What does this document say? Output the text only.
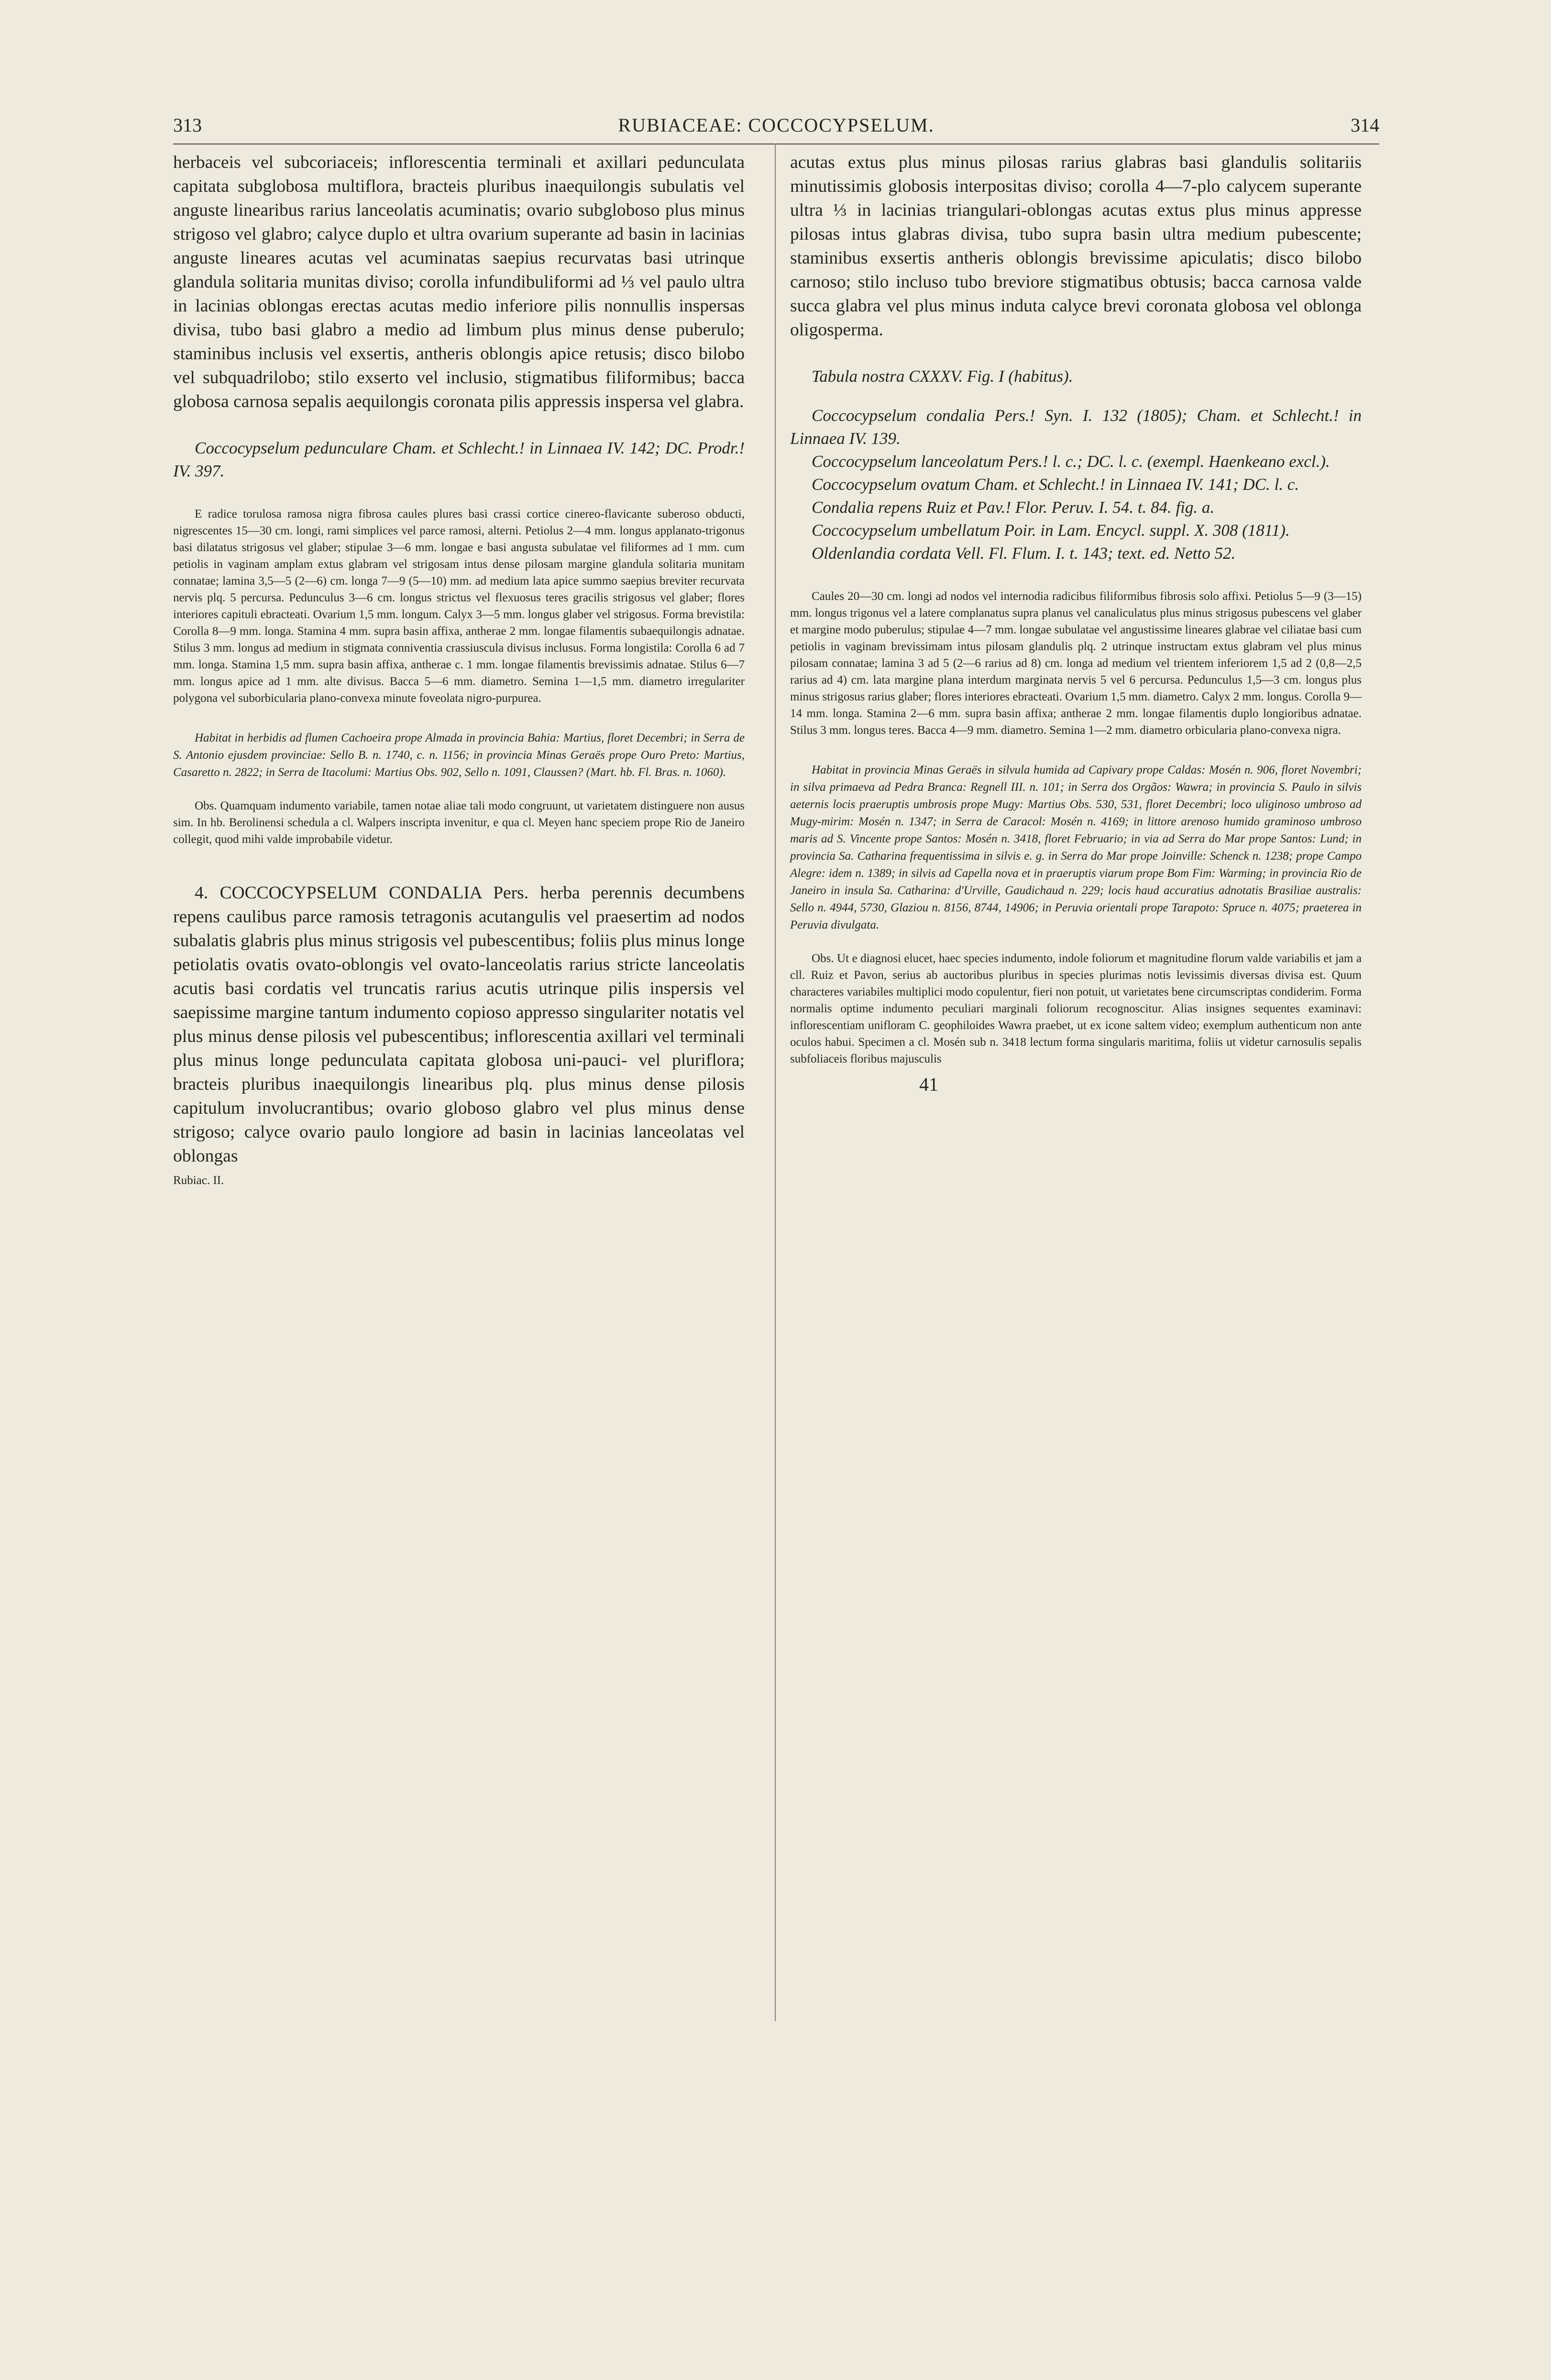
313	RUBIACEAE: COCCOCYPSELUM.	314

herbaceis vel subcoriaceis; inflorescentia terminali et axillari pedunculata capitata subglobosa multiflora, bracteis pluribus inaequilongis subulatis vel anguste linearibus rarius lanceolatis acuminatis; ovario subgloboso plus minus strigoso vel glabro; calyce duplo et ultra ovarium superante ad basin in lacinias anguste lineares acutas vel acuminatas saepius recurvatas basi utrinque glandula solitaria munitas diviso; corolla infundibuliformi ad ⅓ vel paulo ultra in lacinias oblongas erectas acutas medio inferiore pilis nonnullis inspersas divisa, tubo basi glabro a medio ad limbum plus minus dense puberulo; staminibus inclusis vel exsertis, antheris oblongis apice retusis; disco bilobo vel subquadrilobo; stilo exserto vel inclusio, stigmatibus filiformibus; bacca globosa carnosa sepalis aequilongis coronata pilis appressis inspersa vel glabra.

Coccocypselum pedunculare Cham. et Schlecht.! in Linnaea IV. 142; DC. Prodr.! IV. 397.

E radice torulosa ramosa nigra fibrosa caules plures basi crassi cortice cinereo-flavicante suberoso obducti, nigrescentes 15—30 cm. longi, rami simplices vel parce ramosi, alterni. Petiolus 2—4 mm. longus applanato-trigonus basi dilatatus strigosus vel glaber; stipulae 3—6 mm. longae e basi angusta subulatae vel filiformes ad 1 mm. cum petiolis in vaginam amplam extus glabram vel strigosam intus dense pilosam margine glandula solitaria munitam connatae; lamina 3,5—5 (2—6) cm. longa 7—9 (5—10) mm. ad medium lata apice summo saepius breviter recurvata nervis plq. 5 percursa. Pedunculus 3—6 cm. longus strictus vel flexuosus teres gracilis strigosus vel glaber; flores interiores capituli ebracteati. Ovarium 1,5 mm. longum. Calyx 3—5 mm. longus glaber vel strigosus. Forma brevistila: Corolla 8—9 mm. longa. Stamina 4 mm. supra basin affixa, antherae 2 mm. longae filamentis subaequilongis adnatae. Stilus 3 mm. longus ad medium in stigmata conniventia crassiuscula divisus inclusus. Forma longistila: Corolla 6 ad 7 mm. longa. Stamina 1,5 mm. supra basin affixa, antherae c. 1 mm. longae filamentis brevissimis adnatae. Stilus 6—7 mm. longus apice ad 1 mm. alte divisus. Bacca 5—6 mm. diametro. Semina 1—1,5 mm. diametro irregulariter polygona vel suborbicularia plano-convexa minute foveolata nigro-purpurea.

Habitat in herbidis ad flumen Cachoeira prope Almada in provincia Bahia: Martius, floret Decembri; in Serra de S. Antonio ejusdem provinciae: Sello B. n. 1740, c. n. 1156; in provincia Minas Geraës prope Ouro Preto: Martius, Casaretto n. 2822; in Serra de Itacolumi: Martius Obs. 902, Sello n. 1091, Claussen? (Mart. hb. Fl. Bras. n. 1060).

Obs. Quamquam indumento variabile, tamen notae aliae tali modo congruunt, ut varietatem distinguere non ausus sim. In hb. Berolinensi schedula a cl. Walpers inscripta invenitur, e qua cl. Meyen hanc speciem prope Rio de Janeiro collegit, quod mihi valde improbabile videtur.

4. COCCOCYPSELUM CONDALIA Pers. herba perennis decumbens repens caulibus parce ramosis tetragonis acutangulis vel praesertim ad nodos subalatis glabris plus minus strigosis vel pubescentibus; foliis plus minus longe petiolatis ovatis ovato-oblongis vel ovato-lanceolatis rarius stricte lanceolatis acutis basi cordatis vel truncatis rarius acutis utrinque pilis inspersis vel saepissime margine tantum indumento copioso appresso singulariter notatis vel plus minus dense pilosis vel pubescentibus; inflorescentia axillari vel terminali plus minus longe pedunculata capitata globosa uni-pauci- vel pluriflora; bracteis pluribus inaequilongis linearibus plq. plus minus dense pilosis capitulum involucrantibus; ovario globoso glabro vel plus minus dense strigoso; calyce ovario paulo longiore ad basin in lacinias lanceolatas vel oblongas

Rubiac. II.

acutas extus plus minus pilosas rarius glabras basi glandulis solitariis minutissimis globosis interpositas diviso; corolla 4—7-plo calycem superante ultra ⅓ in lacinias triangulari-oblongas acutas extus plus minus appresse pilosas intus glabras divisa, tubo supra basin ultra medium pubescente; staminibus exsertis antheris oblongis brevissime apiculatis; disco bilobo carnoso; stilo incluso tubo breviore stigmatibus obtusis; bacca carnosa valde succa glabra vel plus minus induta calyce brevi coronata globosa vel oblonga oligosperma.

Tabula nostra CXXXV. Fig. I (habitus).

Coccocypselum condalia Pers.! Syn. I. 132 (1805); Cham. et Schlecht.! in Linnaea IV. 139.

Coccocypselum lanceolatum Pers.! l. c.; DC. l. c. (exempl. Haenkeano excl.).

Coccocypselum ovatum Cham. et Schlecht.! in Linnaea IV. 141; DC. l. c.

Condalia repens Ruiz et Pav.! Flor. Peruv. I. 54. t. 84. fig. a.

Coccocypselum umbellatum Poir. in Lam. Encycl. suppl. X. 308 (1811).

Oldenlandia cordata Vell. Fl. Flum. I. t. 143; text. ed. Netto 52.

Caules 20—30 cm. longi ad nodos vel internodia radicibus filiformibus fibrosis solo affixi. Petiolus 5—9 (3—15) mm. longus trigonus vel a latere complanatus supra planus vel canaliculatus plus minus strigosus pubescens vel glaber et margine modo puberulus; stipulae 4—7 mm. longae subulatae vel angustissime lineares glabrae vel ciliatae basi cum petiolis in vaginam brevissimam intus pilosam glandulis plq. 2 utrinque instructam extus glabram vel plus minus pilosam connatae; lamina 3 ad 5 (2—6 rarius ad 8) cm. longa ad medium vel trientem inferiorem 1,5 ad 2 (0,8—2,5 rarius ad 4) cm. lata margine plana interdum marginata nervis 5 vel 6 percursa. Pedunculus 1,5—3 cm. longus plus minus strigosus rarius glaber; flores interiores ebracteati. Ovarium 1,5 mm. diametro. Calyx 2 mm. longus. Corolla 9—14 mm. longa. Stamina 2—6 mm. supra basin affixa; antherae 2 mm. longae filamentis duplo longioribus adnatae. Stilus 3 mm. longus teres. Bacca 4—9 mm. diametro. Semina 1—2 mm. diametro orbicularia plano-convexa nigra.

Habitat in provincia Minas Geraës in silvula humida ad Capivary prope Caldas: Mosén n. 906, floret Novembri; in silva primaeva ad Pedra Branca: Regnell III. n. 101; in Serra dos Orgãos: Wawra; in provincia S. Paulo in silvis aeternis locis praeruptis umbrosis prope Mugy: Martius Obs. 530, 531, floret Decembri; loco uliginoso umbroso ad Mugy-mirim: Mosén n. 1347; in Serra de Caracol: Mosén n. 4169; in littore arenoso humido graminoso umbroso maris ad S. Vincente prope Santos: Mosén n. 3418, floret Februario; in via ad Serra do Mar prope Santos: Lund; in provincia Sa. Catharina frequentissima in silvis e. g. in Serra do Mar prope Joinville: Schenck n. 1238; prope Campo Alegre: idem n. 1389; in silvis ad Capella nova et in praeruptis viarum prope Bom Fim: Warming; in provincia Rio de Janeiro in insula Sa. Catharina: d'Urville, Gaudichaud n. 229; locis haud accuratius adnotatis Brasiliae australis: Sello n. 4944, 5730, Glaziou n. 8156, 8744, 14906; in Peruvia orientali prope Tarapoto: Spruce n. 4075; praeterea in Peruvia divulgata.

Obs. Ut e diagnosi elucet, haec species indumento, indole foliorum et magnitudine florum valde variabilis et jam a cll. Ruiz et Pavon, serius ab auctoribus pluribus in species plurimas notis levissimis diversas divisa est. Quum characteres variabiles multiplici modo copulentur, fieri non potuit, ut varietates bene circumscriptas condiderim. Forma normalis optime indumento peculiari marginali foliorum recognoscitur. Alias insignes sequentes examinavi: inflorescentiam unifloram C. geophiloides Wawra praebet, ut ex icone saltem video; exemplum authenticum non ante oculos habui. Specimen a cl. Mosén sub n. 3418 lectum forma singularis maritima, foliis ut videtur carnosulis sepalis subfoliaceis floribus majusculis

41
